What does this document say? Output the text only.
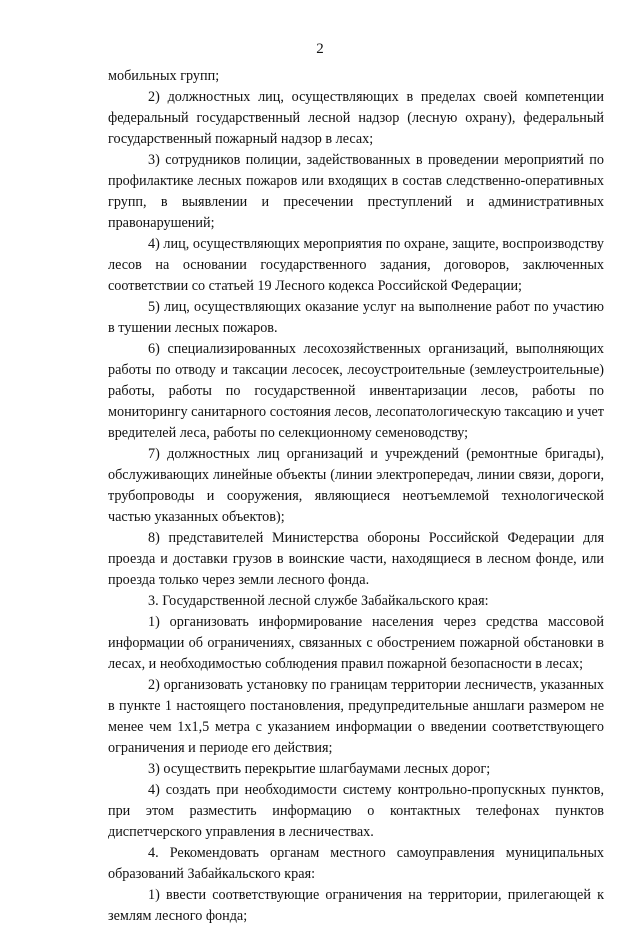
2

мобильных групп;

2) должностных лиц, осуществляющих в пределах своей компетенции федеральный государственный лесной надзор (лесную охрану), федеральный государственный пожарный надзор в лесах;

3) сотрудников полиции, задействованных в проведении мероприятий по профилактике лесных пожаров или входящих в состав следственно-оперативных групп, в выявлении и пресечении преступлений и административных правонарушений;

4) лиц, осуществляющих мероприятия по охране, защите, воспроизводству лесов на основании государственного задания, договоров, заключенных соответствии со статьей 19 Лесного кодекса Российской Федерации;

5) лиц, осуществляющих оказание услуг на выполнение работ по участию в тушении лесных пожаров.

6) специализированных лесохозяйственных организаций, выполняющих работы по отводу и таксации лесосек, лесоустроительные (землеустроительные) работы, работы по государственной инвентаризации лесов, работы по мониторингу санитарного состояния лесов, лесопатологическую таксацию и учет вредителей леса, работы по селекционному семеноводству;

7) должностных лиц организаций и учреждений (ремонтные бригады), обслуживающих линейные объекты (линии электропередач, линии связи, дороги, трубопроводы и сооружения, являющиеся неотъемлемой технологической частью указанных объектов);

8) представителей Министерства обороны Российской Федерации для проезда и доставки грузов в воинские части, находящиеся в лесном фонде, или проезда только через земли лесного фонда.

3. Государственной лесной службе Забайкальского края:

1) организовать информирование населения через средства массовой информации об ограничениях, связанных с обострением пожарной обстановки в лесах, и необходимостью соблюдения правил пожарной безопасности в лесах;

2) организовать установку по границам территории лесничеств, указанных в пункте 1 настоящего постановления, предупредительные аншлаги размером не менее чем 1х1,5 метра с указанием информации о введении соответствующего ограничения и периоде его действия;

3) осуществить перекрытие шлагбаумами лесных дорог;

4) создать при необходимости систему контрольно-пропускных пунктов, при этом разместить информацию о контактных телефонах пунктов диспетчерского управления в лесничествах.

4. Рекомендовать органам местного самоуправления муниципальных образований Забайкальского края:

1) ввести соответствующие ограничения на территории, прилегающей к землям лесного фонда;
